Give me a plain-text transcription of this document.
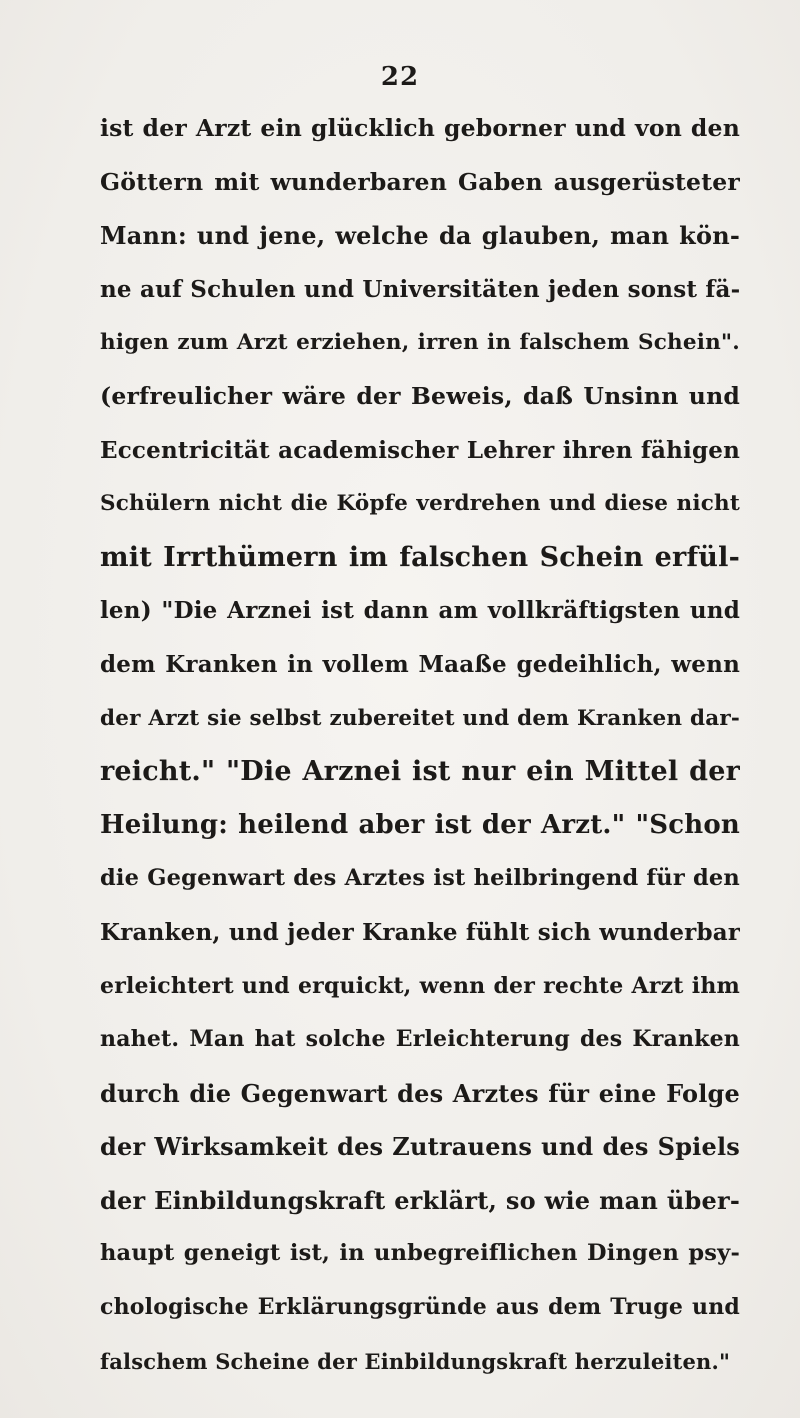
22
ist der Arzt ein glücklich geborner und von den
Göttern mit wunderbaren Gaben ausgerüsteter
Mann: und jene, welche da glauben, man kön-
ne auf Schulen und Universitäten jeden sonst fä-
higen zum Arzt erziehen, irren in falschem Schein".
(erfreulicher wäre der Beweis, daß Unsinn und
Eccentricität academischer Lehrer ihren fähigen
Schülern nicht die Köpfe verdrehen und diese nicht
mit Irrthümern im falschen Schein erfül-
len) "Die Arznei ist dann am vollkräftigsten und
dem Kranken in vollem Maaße gedeihlich, wenn
der Arzt sie selbst zubereitet und dem Kranken dar-
reicht." "Die Arznei ist nur ein Mittel der
Heilung: heilend aber ist der Arzt." "Schon
die Gegenwart des Arztes ist heilbringend für den
Kranken, und jeder Kranke fühlt sich wunderbar
erleichtert und erquickt, wenn der rechte Arzt ihm
nahet. Man hat solche Erleichterung des Kranken
durch die Gegenwart des Arztes für eine Folge
der Wirksamkeit des Zutrauens und des Spiels
der Einbildungskraft erklärt, so wie man über-
haupt geneigt ist, in unbegreiflichen Dingen psy-
chologische Erklärungsgründe aus dem Truge und
falschem Scheine der Einbildungskraft herzuleiten."
